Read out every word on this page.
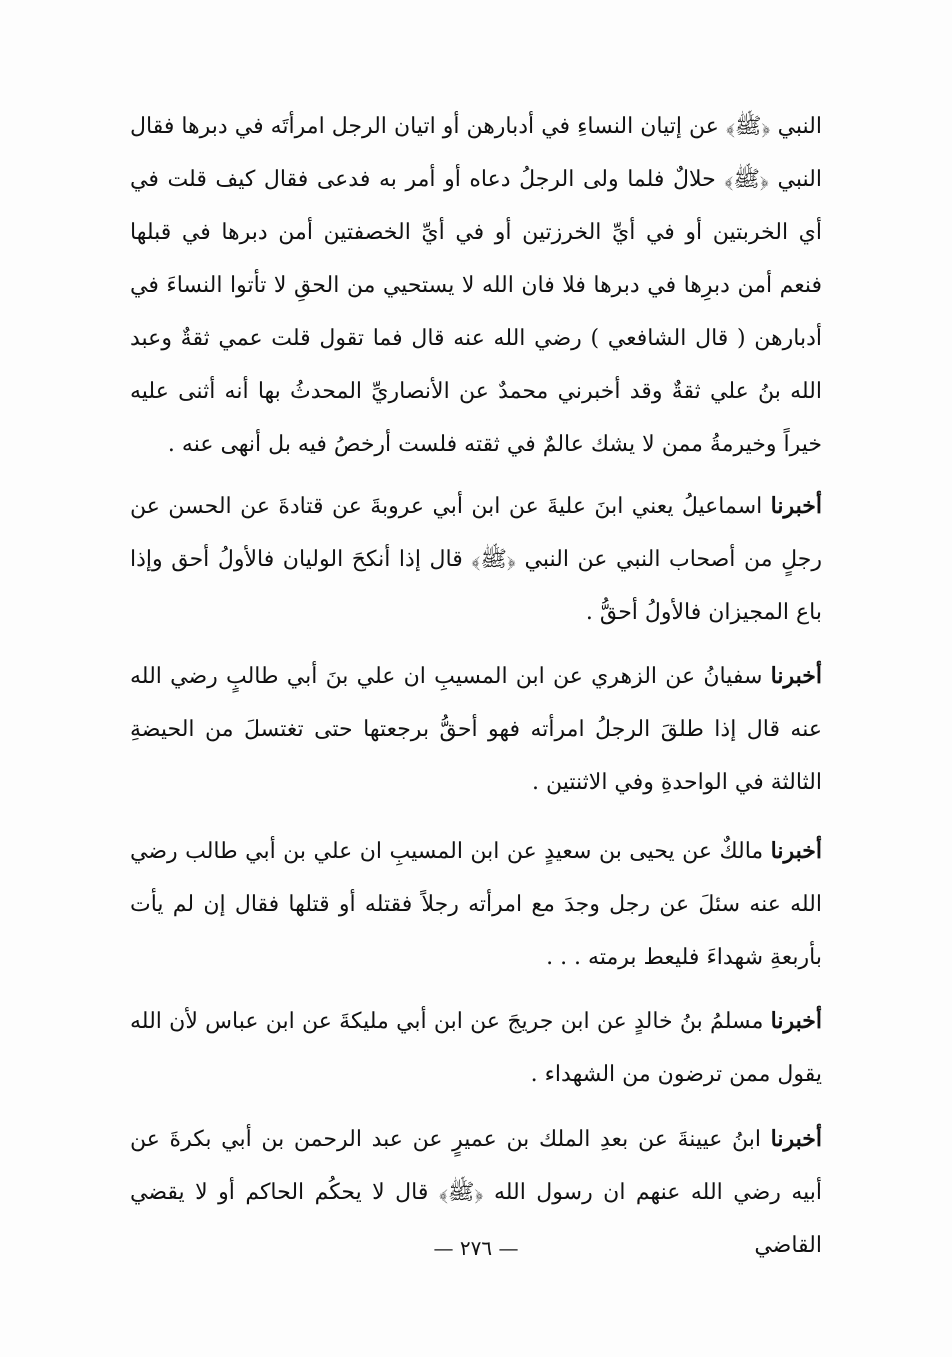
النبي ﴿ﷺ﴾ عن إتيان النساءِ في أدبارهن أو اتيان الرجل امرأتَه في دبرها فقال النبي ﴿ﷺ﴾ حلالٌ فلما ولى الرجلُ دعاه أو أمر به فدعى فقال كيف قلت في أي الخربتين أو في أيِّ الخرزتين أو في أيِّ الخصفتين أمن دبرها في قبلها فنعم أمن دبرِها في دبرها فلا فان الله لا يستحيي من الحقِ لا تأتوا النساءَ في أدبارهن ( قال الشافعي ) رضي الله عنه قال فما تقول قلت عمي ثقةٌ وعبد الله بنُ علي ثقةٌ وقد أخبرني محمدٌ عن الأنصاريِّ المحدثُ بها أنه أثنى عليه خيراً وخيرمةُ ممن لا يشك عالمٌ في ثقته فلست أرخصُ فيه بل أنهى عنه .

أخبرنا اسماعيلُ يعني ابنَ عليةَ عن ابن أبي عروبةَ عن قتادةَ عن الحسن عن رجلٍ من أصحاب النبي عن النبي ﴿ﷺ﴾ قال إذا أنكحَ الوليان فالأولُ أحق وإذا باع المجيزان فالأولُ أحقُّ .

أخبرنا سفيانُ عن الزهري عن ابن المسيبِ ان علي بنَ أبي طالبٍ رضي الله عنه قال إذا طلقَ الرجلُ امرأته فهو أحقُّ برجعتها حتى تغتسلَ من الحيضةِ الثالثة في الواحدةِ وفي الاثنتين .

أخبرنا مالكٌ عن يحيى بن سعيدٍ عن ابن المسيبِ ان علي بن أبي طالب رضي الله عنه سئلَ عن رجل وجدَ مع امرأته رجلاً فقتله أو قتلها فقال إن لم يأت بأربعةِ شهداءَ فليعط برمته . . .

أخبرنا مسلمُ بنُ خالدٍ عن ابن جريجَ عن ابن أبي مليكةَ عن ابن عباس لأن الله يقول ممن ترضون من الشهداء .

أخبرنا ابنُ عيينةَ عن بعدِ الملك بن عميرٍ عن عبد الرحمن بن أبي بكرةَ عن أبيه رضي الله عنهم ان رسول الله ﴿ﷺ﴾ قال لا يحكُم الحاكم أو لا يقضي القاضي

— ٢٧٦ —
